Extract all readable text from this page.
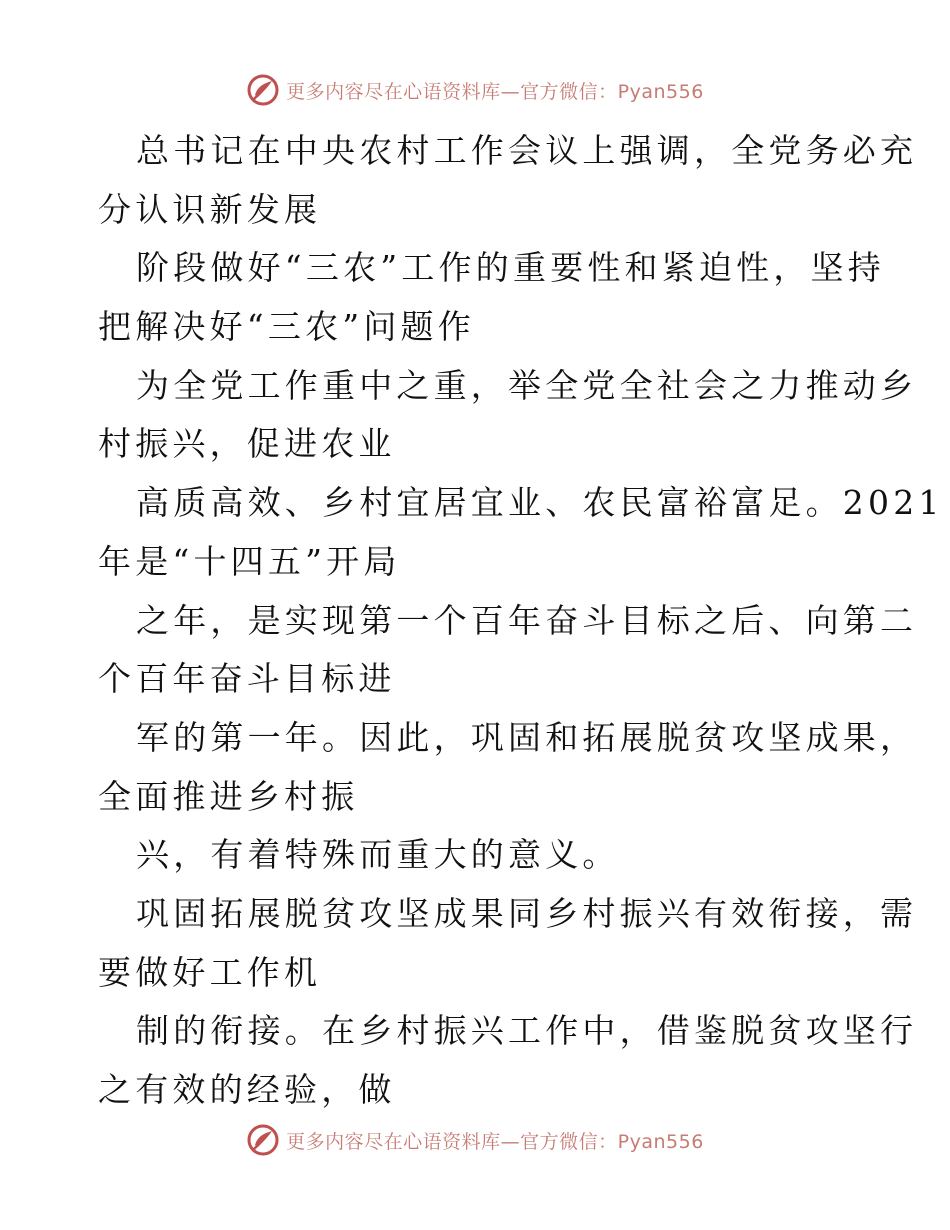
更多内容尽在心语资料库—官方微信：Pyan556
总书记在中央农村工作会议上强调，全党务必充
分认识新发展
阶段做好“三农”工作的重要性和紧迫性，坚持
把解决好“三农”问题作
为全党工作重中之重，举全党全社会之力推动乡
村振兴，促进农业
高质高效、乡村宜居宜业、农民富裕富足。2021
年是“十四五”开局
之年，是实现第一个百年奋斗目标之后、向第二
个百年奋斗目标进
军的第一年。因此，巩固和拓展脱贫攻坚成果，
全面推进乡村振
兴，有着特殊而重大的意义。
巩固拓展脱贫攻坚成果同乡村振兴有效衔接，需
要做好工作机
制的衔接。在乡村振兴工作中，借鉴脱贫攻坚行
之有效的经验，做
更多内容尽在心语资料库—官方微信：Pyan556
